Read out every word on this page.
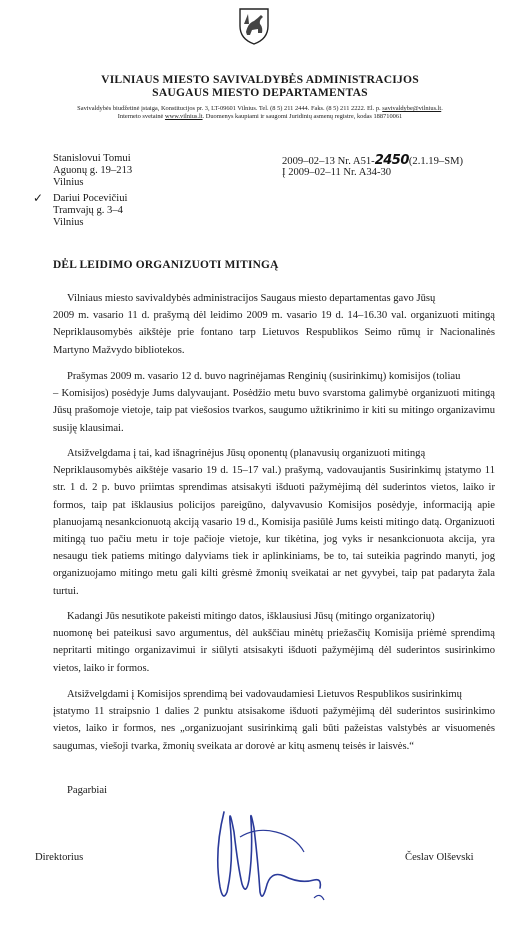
VILNIAUS MIESTO SAVIVALDYBĖS ADMINISTRACIJOS
SAUGAUS MIESTO DEPARTAMENTAS
Savivaldybės biudžetinė įstaiga, Konstitucijos pr. 3, LT-09601 Vilnius. Tel. (8 5) 211 2444. Faks. (8 5) 211 2222. El. p. savivaldybe@vilnius.lt.
Interneto svetainė www.vilnius.lt. Duomenys kaupiami ir saugomi Juridinių asmenų registre, kodas 188710061
Stanislovui Tomui
Aguonų g. 19–213
Vilnius
✓ Dariui Pocevičiui
Tramvajų g. 3–4
Vilnius
2009–02–13 Nr. A51-2450(2.1.19–SM)
Į 2009–02–11 Nr. A34-30
DĖL LEIDIMO ORGANIZUOTI MITINGĄ
Vilniaus miesto savivaldybės administracijos Saugaus miesto departamentas gavo Jūsų
2009 m. vasario 11 d. prašymą dėl leidimo 2009 m. vasario 19 d. 14–16.30 val. organizuoti mitingą Nepriklausomybės aikštėje prie fontano tarp Lietuvos Respublikos Seimo rūmų ir Nacionalinės Martyno Mažvydo bibliotekos.
Prašymas 2009 m. vasario 12 d. buvo nagrinėjamas Renginių (susirinkimų) komisijos (toliau
– Komisijos) posėdyje Jums dalyvaujant. Posėdžio metu buvo svarstoma galimybė organizuoti mitingą Jūsų prašomoje vietoje, taip pat viešosios tvarkos, saugumo užtikrinimo ir kiti su mitingo organizavimu susiję klausimai.
Atsižvelgdama į tai, kad išnagrinėjus Jūsų oponentų (planavusių organizuoti mitingą
Nepriklausomybės aikštėje vasario 19 d. 15–17 val.) prašymą, vadovaujantis Susirinkimų įstatymo 11 str. 1 d. 2 p. buvo priimtas sprendimas atsisakyti išduoti pažymėjimą dėl suderintos vietos, laiko ir formos, taip pat išklausius policijos pareigūno, dalyvavusio Komisijos posėdyje, informaciją apie planuojamą nesankcionuotą akciją vasario 19 d., Komisija pasiūlė Jums keisti mitingo datą. Organizuoti mitingą tuo pačiu metu ir toje pačioje vietoje, kur tikėtina, jog vyks ir nesankcionuota akcija, yra nesaugu tiek patiems mitingo dalyviams tiek ir aplinkiniams, be to, tai suteikia pagrindo manyti, jog organizuojamo mitingo metu gali kilti grėsmė žmonių sveikatai ar net gyvybei, taip pat padaryta žala turtui.
Kadangi Jūs nesutikote pakeisti mitingo datos, išklausiusi Jūsų (mitingo organizatorių)
nuomonę bei pateikusi savo argumentus, dėl aukščiau minėtų priežasčių Komisija priėmė sprendimą nepritarti mitingo organizavimui ir siūlyti atsisakyti išduoti pažymėjimą dėl suderintos susirinkimo vietos, laiko ir formos.
Atsižvelgdami į Komisijos sprendimą bei vadovaudamiesi Lietuvos Respublikos susirinkimų
įstatymo 11 straipsnio 1 dalies 2 punktu atsisakome išduoti pažymėjimą dėl suderintos susirinkimo vietos, laiko ir formos, nes „organizuojant susirinkimą gali būti pažeistas valstybės ar visuomenės saugumas, viešoji tvarka, žmonių sveikata ar dorovė ar kitų asmenų teisės ir laisvės.“
Pagarbiai
Direktorius	Česlav Olševski
